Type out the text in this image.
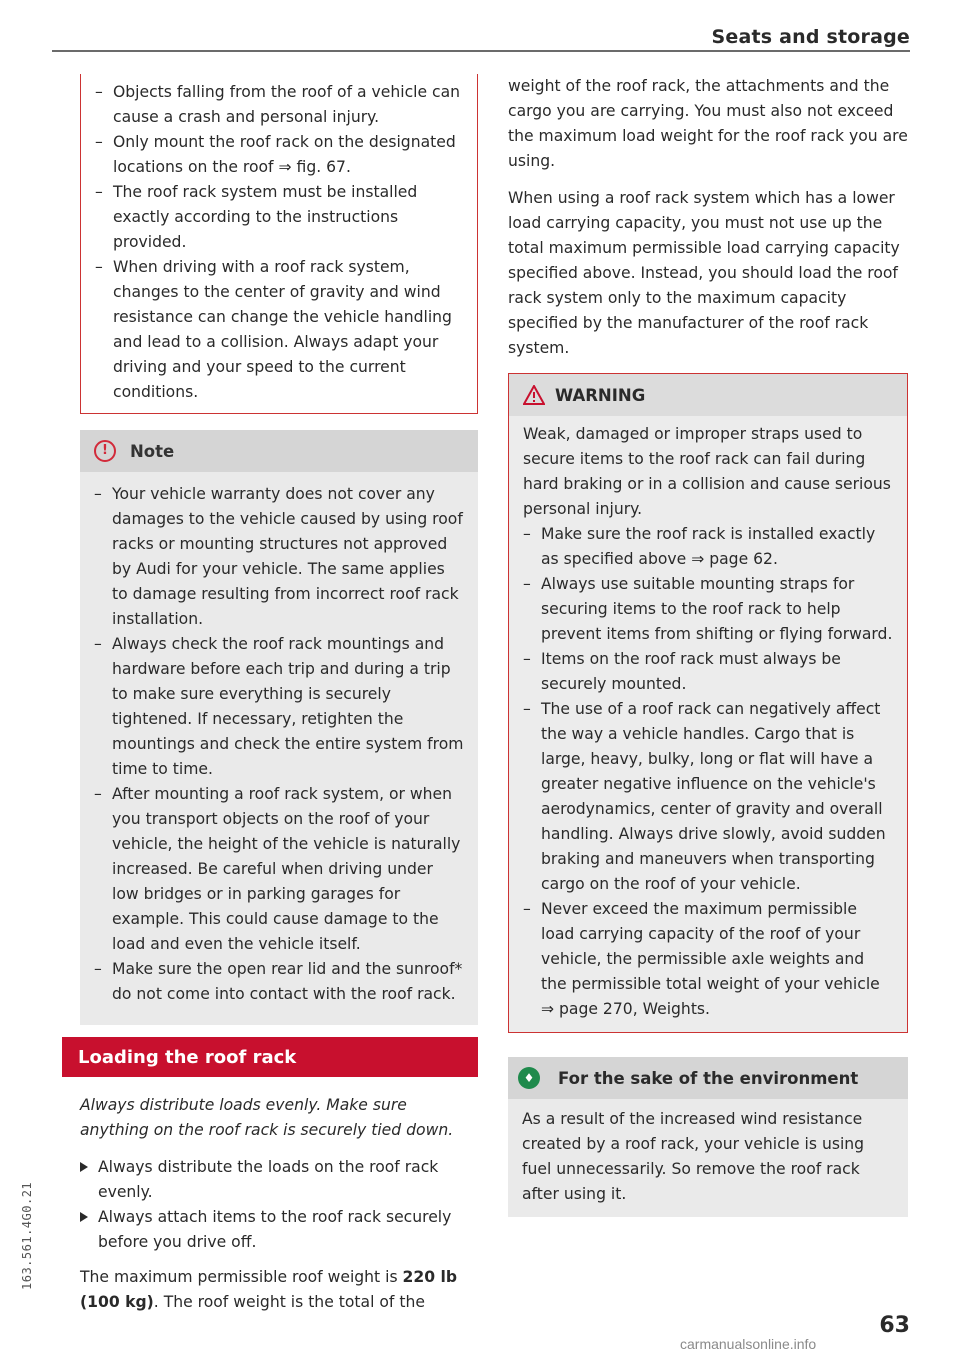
Seats and storage
– Objects falling from the roof of a vehicle can cause a crash and personal injury.
– Only mount the roof rack on the designated locations on the roof ⇒ fig. 67.
– The roof rack system must be installed exactly according to the instructions provided.
– When driving with a roof rack system, changes to the center of gravity and wind resistance can change the vehicle handling and lead to a collision. Always adapt your driving and your speed to the current conditions.
!	Note
– Your vehicle warranty does not cover any damages to the vehicle caused by using roof racks or mounting structures not approved by Audi for your vehicle. The same applies to damage resulting from incorrect roof rack installation.
– Always check the roof rack mountings and hardware before each trip and during a trip to make sure everything is securely tightened. If necessary, retighten the mountings and check the entire system from time to time.
– After mounting a roof rack system, or when you transport objects on the roof of your vehicle, the height of the vehicle is naturally increased. Be careful when driving under low bridges or in parking garages for example. This could cause damage to the load and even the vehicle itself.
– Make sure the open rear lid and the sunroof* do not come into contact with the roof rack.
Loading the roof rack

Always distribute loads evenly. Make sure anything on the roof rack is securely tied down.

Always distribute the loads on the roof rack evenly.
Always attach items to the roof rack securely before you drive off.

The maximum permissible roof weight is 220 lb (100 kg). The roof weight is the total of the

weight of the roof rack, the attachments and the cargo you are carrying. You must also not exceed the maximum load weight for the roof rack you are using.

When using a roof rack system which has a lower load carrying capacity, you must not use up the total maximum permissible load carrying capacity specified above. Instead, you should load the roof rack system only to the maximum capacity specified by the manufacturer of the roof rack system.

WARNING

Weak, damaged or improper straps used to secure items to the roof rack can fail during hard braking or in a collision and cause serious personal injury.

– Make sure the roof rack is installed exactly as specified above ⇒ page 62.
– Always use suitable mounting straps for securing items to the roof rack to help prevent items from shifting or flying forward.
– Items on the roof rack must always be securely mounted.
– The use of a roof rack can negatively affect the way a vehicle handles. Cargo that is large, heavy, bulky, long or flat will have a greater negative influence on the vehicle's aerodynamics, center of gravity and overall handling. Always drive slowly, avoid sudden braking and maneuvers when transporting cargo on the roof of your vehicle.
– Never exceed the maximum permissible load carrying capacity of the roof of your vehicle, the permissible axle weights and the permissible total weight of your vehicle ⇒ page 270, Weights.
♦	For the sake of the environment

As a result of the increased wind resistance created by a roof rack, your vehicle is using fuel unnecessarily. So remove the roof rack after using it.

163.561.4G0.21
63
carmanualsonline.info
